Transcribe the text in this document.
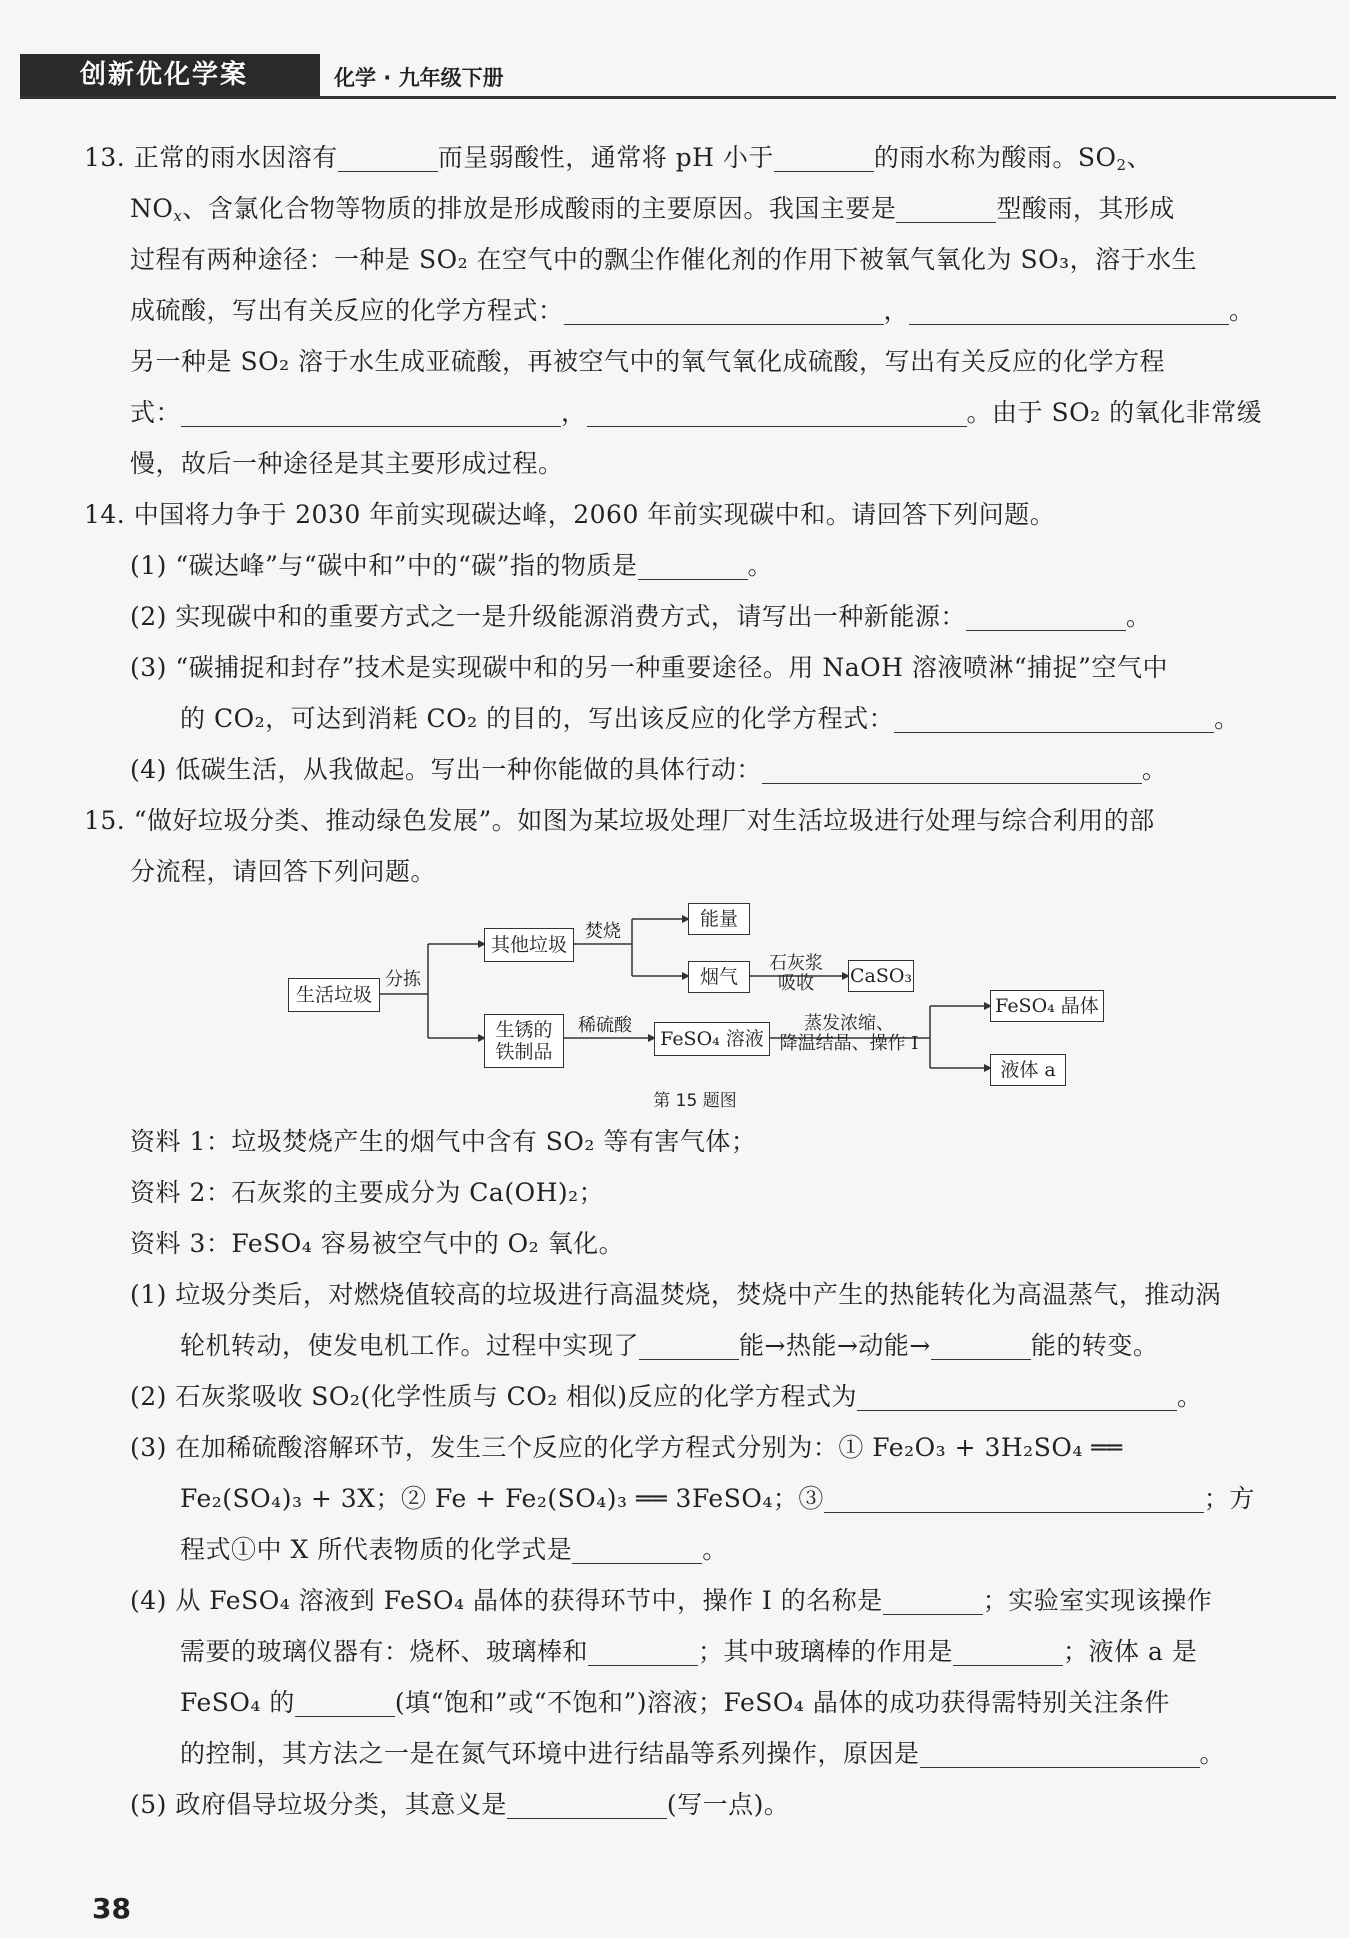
创新优化学案	化学 · 九年级下册
13. 正常的雨水因溶有	而呈弱酸性，通常将 pH 小于	的雨水称为酸雨。$SO_2$、
$NO_x$、含氯化合物等物质的排放是形成酸雨的主要原因。我国主要是	型酸雨，其形成
过程有两种途径：一种是 SO₂ 在空气中的飘尘作催化剂的作用下被氧气氧化为 SO₃，溶于水生
成硫酸，写出有关反应的化学方程式：	，	。
另一种是 SO₂ 溶于水生成亚硫酸，再被空气中的氧气氧化成硫酸，写出有关反应的化学方程
式：	，	。由于 SO₂ 的氧化非常缓
慢，故后一种途径是其主要形成过程。
14. 中国将力争于 2030 年前实现碳达峰，2060 年前实现碳中和。请回答下列问题。
(1) “碳达峰”与“碳中和”中的“碳”指的物质是	。
(2) 实现碳中和的重要方式之一是升级能源消费方式，请写出一种新能源：	。
(3) “碳捕捉和封存”技术是实现碳中和的另一种重要途径。用 NaOH 溶液喷淋“捕捉”空气中
的 CO₂，可达到消耗 CO₂ 的目的，写出该反应的化学方程式：	。
(4) 低碳生活，从我做起。写出一种你能做的具体行动：	。
15. “做好垃圾分类、推动绿色发展”。如图为某垃圾处理厂对生活垃圾进行处理与综合利用的部
分流程，请回答下列问题。
生活垃圾
分拣
其他垃圾
焚烧
能量
烟气
石灰浆
吸收	CaSO₃
生锈的
铁制品
稀硫酸
FeSO₄ 溶液
蒸发浓缩、
降温结晶、操作 Ⅰ
FeSO₄ 晶体
液体 a
第 15 题图
资料 1：垃圾焚烧产生的烟气中含有 SO₂ 等有害气体；
资料 2：石灰浆的主要成分为 Ca(OH)₂；
资料 3：FeSO₄ 容易被空气中的 O₂ 氧化。
(1) 垃圾分类后，对燃烧值较高的垃圾进行高温焚烧，焚烧中产生的热能转化为高温蒸气，推动涡
轮机转动，使发电机工作。过程中实现了	能→热能→动能→	能的转变。
(2) 石灰浆吸收 SO₂(化学性质与 CO₂ 相似)反应的化学方程式为	。
(3) 在加稀硫酸溶解环节，发生三个反应的化学方程式分别为：① Fe₂O₃ + 3H₂SO₄ ══
Fe₂(SO₄)₃ + 3X；② Fe + Fe₂(SO₄)₃ ══ 3FeSO₄；③	；方
程式①中 X 所代表物质的化学式是	。
(4) 从 FeSO₄ 溶液到 FeSO₄ 晶体的获得环节中，操作 Ⅰ 的名称是	；实验室实现该操作
需要的玻璃仪器有：烧杯、玻璃棒和	；其中玻璃棒的作用是	；液体 a 是
FeSO₄ 的	(填“饱和”或“不饱和”)溶液；FeSO₄ 晶体的成功获得需特别关注条件
的控制，其方法之一是在氮气环境中进行结晶等系列操作，原因是	。
(5) 政府倡导垃圾分类，其意义是	(写一点)。
38
